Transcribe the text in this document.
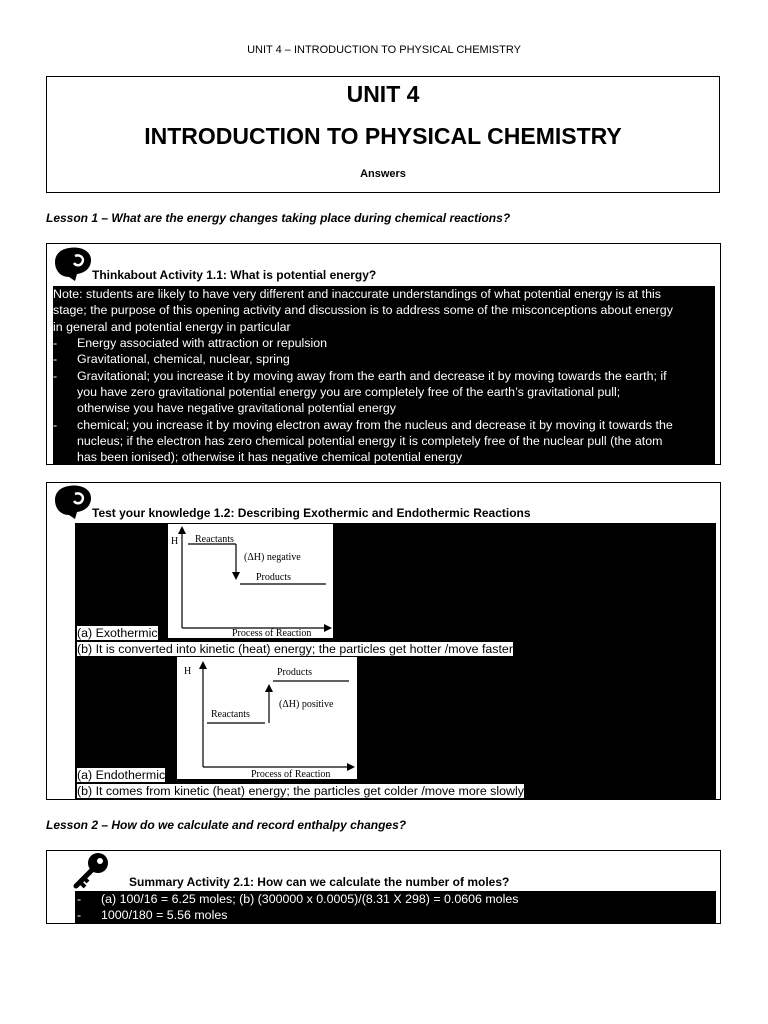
UNIT 4 – INTRODUCTION TO PHYSICAL CHEMISTRY
UNIT 4
INTRODUCTION TO PHYSICAL CHEMISTRY
Answers
Lesson 1 – What are the energy changes taking place during chemical reactions?
Thinkabout Activity 1.1: What is potential energy?
Note: students are likely to have very different and inaccurate understandings of what potential energy is at this
stage; the purpose of this opening activity and discussion is to address some of the misconceptions about energy
in general and potential energy in particular
- Energy associated with attraction or repulsion
- Gravitational, chemical, nuclear, spring
- Gravitational; you increase it by moving away from the earth and decrease it by moving towards the earth; if
you have zero gravitational potential energy you are completely free of the earth’s gravitational pull;
otherwise you have negative gravitational potential energy
- chemical; you increase it by moving electron away from the nucleus and decrease it by moving it towards the
nucleus; if the electron has zero chemical potential energy it is completely free of the nuclear pull (the atom
has been ionised); otherwise it has negative chemical potential energy
Test your knowledge 1.2: Describing Exothermic and Endothermic Reactions
H Reactants
(ΔH) negative
Products
Process of Reaction
(a) Exothermic
(b) It is converted into kinetic (heat) energy; the particles get hotter /move faster
H	Products
(ΔH) positive
Reactants
Process of Reaction
(a) Endothermic
(b) It comes from kinetic (heat) energy; the particles get colder /move more slowly
Lesson 2 – How do we calculate and record enthalpy changes?
Summary Activity 2.1: How can we calculate the number of moles?
- (a) 100/16 = 6.25 moles; (b) (300000 x 0.0005)/(8.31 X 298) = 0.0606 moles
- 1000/180 = 5.56 moles
